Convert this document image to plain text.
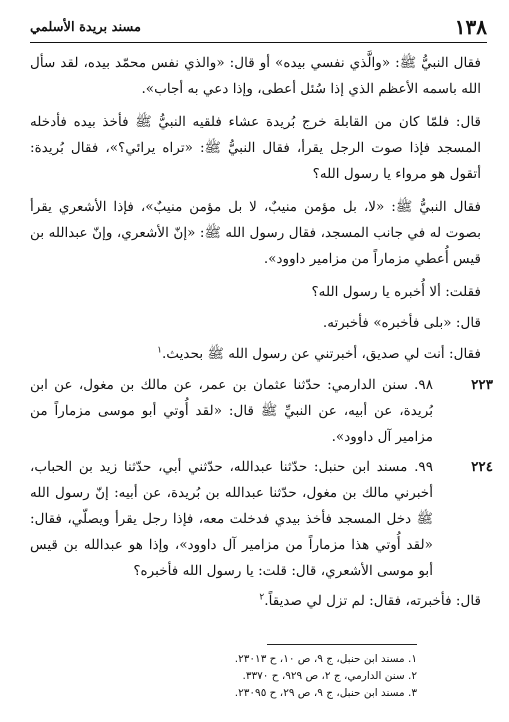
١٣٨
مسند بريدة الأسلمي

فقال النبيُّ ﷺ: «والَّذي نفسي بيده» أو قال: «والذي نفس محمّد بيده، لقد سأل الله باسمه الأعظم الذي إذا سُئل أعطى، وإذا دعي به أجاب».

قال: فلمّا كان من القابلة خرج بُريدة عشاء فلقيه النبيُّ ﷺ فأخذ بيده فأدخله المسجد فإذا صوت الرجل يقرأ، فقال النبيُّ ﷺ: «تراه يرائي؟»، فقال بُريدة: أتقول هو مرواء يا رسول الله؟

فقال النبيُّ ﷺ: «لا، بل مؤمن منيبٌ، لا بل مؤمن منيبٌ»، فإذا الأشعري يقرأ بصوت له في جانب المسجد، فقال رسول الله ﷺ: «إنّ الأشعري، وإنّ عبدالله بن قيس أُعطي مزماراً من مزامير داوود».

فقلت: ألا أُخبره يا رسول الله؟

قال: «بلى فأخبره» فأخبرته.

فقال: أنت لي صديق، أخبرتني عن رسول الله ﷺ بحديث.$^١$

٢٢٣

٩٨. سنن الدارمي: حدّثنا عثمان بن عمر، عن مالك بن مغول، عن ابن بُريدة، عن أبيه، عن النبيِّ ﷺ قال: «لقد أُوتي أبو موسى مزماراً من مزامير آل داوود».

٢٢٤

٩٩. مسند ابن حنبل: حدّثنا عبدالله، حدّثني أبي، حدّثنا زيد بن الحباب، أخبرني مالك بن مغول، حدّثنا عبدالله بن بُريدة، عن أبيه: إنّ رسول الله ﷺ دخل المسجد فأخذ بيدي فدخلت معه، فإذا رجل يقرأ ويصلّي، فقال: «لقد أُوتي هذا مزماراً من مزامير آل داوود»، وإذا هو عبدالله بن قيس أبو موسى الأشعري، قال: قلت: يا رسول الله فأخبره؟

قال: فأخبرته، فقال: لم تزل لي صديقاً.$^٢$

١. مسند ابن حنبل، ج ٩، ص ١٠، ح ٢٣٠١٣.
٢. سنن الدارمي، ج ٢، ص ٩٢٩، ح ٣٣٧٠.
٣. مسند ابن حنبل، ج ٩، ص ٢٩، ح ٢٣٠٩٥.
